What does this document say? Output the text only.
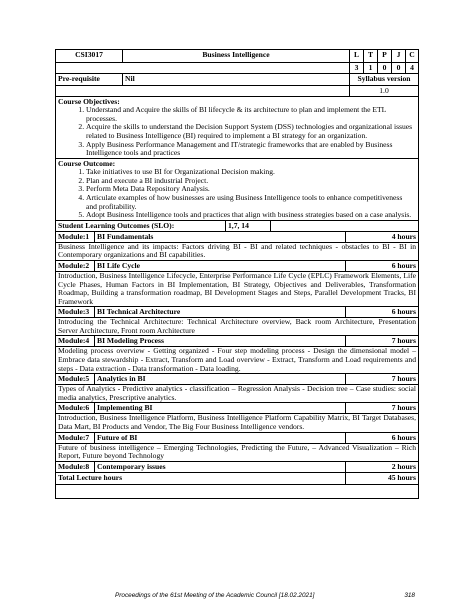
CSI3017	Business Intelligence	L	T	P	J	C
3	1	0	0	4
Pre-requisite	Nil	Syllabus version
1.0
Course Objectives:
1. Understand and Acquire the skills of BI lifecycle & its architecture to plan and implement the ETL processes.
2. Acquire the skills to understand the Decision Support System (DSS) technologies and organizational issues related to Business Intelligence (BI) required to implement a BI strategy for an organization.
3. Apply Business Performance Management and IT/strategic frameworks that are enabled by Business Intelligence tools and practices
Course Outcome:
1. Take initiatives to use BI for Organizational Decision making.
2. Plan and execute a BI industrial Project.
3. Perform Meta Data Repository Analysis.
4. Articulate examples of how businesses are using Business Intelligence tools to enhance competitiveness and profitability.
5. Adopt Business Intelligence tools and practices that align with business strategies based on a case analysis.
Student Learning Outcomes (SLO):	1,7, 14
Module:1	BI Fundamentals	4 hours
Business Intelligence and its impacts: Factors driving BI - BI and related techniques - obstacles to BI - BI in Contemporary organizations and BI capabilities.
Module:2	BI Life Cycle	6 hours
Introduction, Business Intelligence Lifecycle, Enterprise Performance Life Cycle (EPLC) Framework Elements, Life Cycle Phases, Human Factors in BI Implementation, BI Strategy, Objectives and Deliverables, Transformation Roadmap, Building a transformation roadmap, BI Development Stages and Steps, Parallel Development Tracks, BI Framework
Module:3	BI Technical Architecture	6 hours
Introducing the Technical Architecture: Technical Architecture overview, Back room Architecture, Presentation Server Architecture, Front room Architecture
Module:4	BI Modeling Process	7 hours
Modeling process overview - Getting organized - Four step modeling process - Design the dimensional model –Embrace data stewardship - Extract, Transform and Load overview - Extract, Transform and Load requirements and steps - Data extraction - Data transformation - Data loading.
Module:5	Analytics in BI	7 hours
Types of Analytics - Predictive analytics - classification – Regression Analysis - Decision tree – Case studies: social media analytics, Prescriptive analytics.
Module:6	Implementing BI	7 hours
Introduction, Business Intelligence Platform, Business Intelligence Platform Capability Matrix, BI Target Databases, Data Mart, BI Products and Vendor, The Big Four Business Intelligence vendors.
Module:7	Future of BI	6 hours
Future of business intelligence – Emerging Technologies, Predicting the Future, – Advanced Visualization – Rich Report, Future beyond Technology
Module:8	Contemporary issues	2 hours
Total Lecture hours	45 hours
Proceedings of the 61st Meeting of the Academic Council [18.02.2021]	318
